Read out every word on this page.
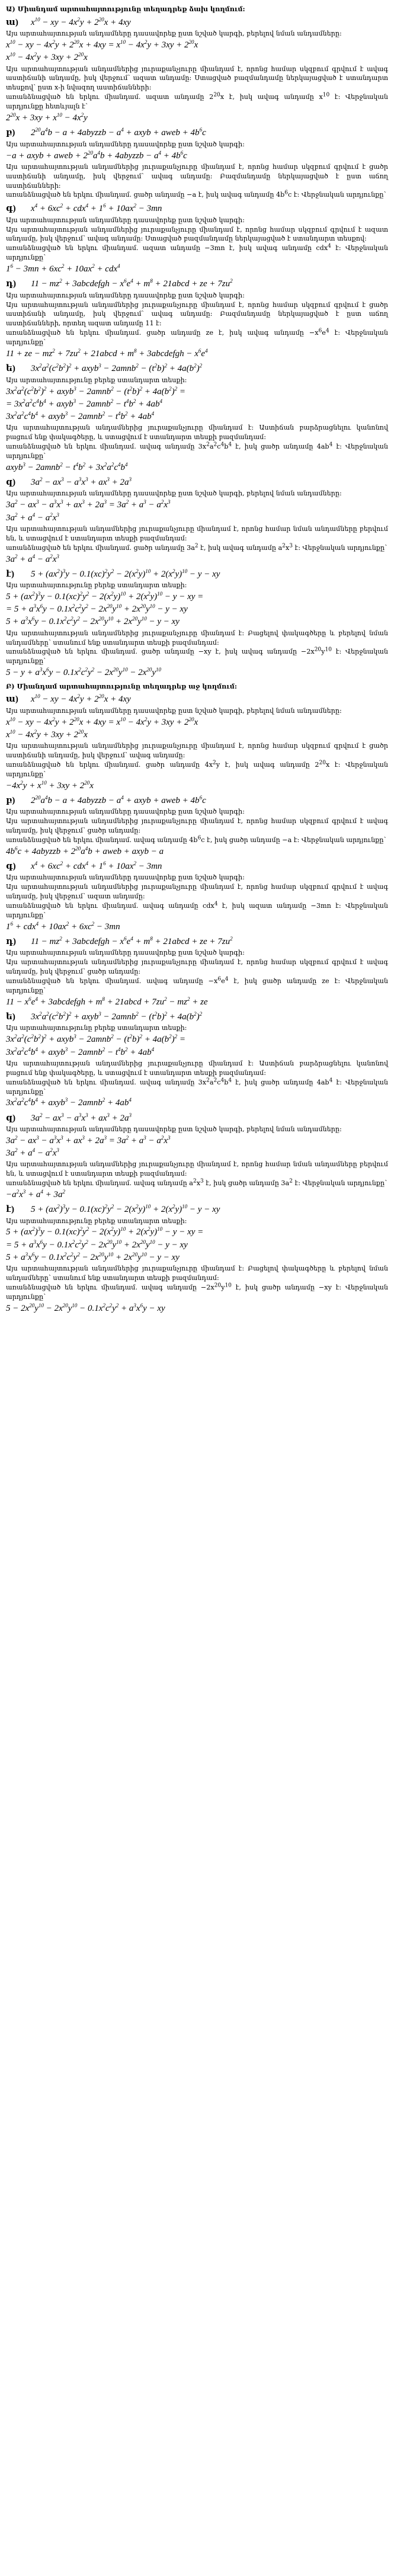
Ա) Միանդամ արտահայտությունը տեղադրեք ձախ կողմում:
ա) $x^{10}$ − xy − $4x^2y + 2^{20}x + 4xy$
Այս արտահայտության անդամները դասավորեք ըստ նշված կարգի, բերելով նման անդամները:
$x^{10}$ − xy − $4x^2y + 2^{20}x + 4xy = x^{10} - 4x^2y + 3xy + 2^{20}x$
$x^{10} - 4x^2y + 3xy + 2^{20}x$
Այս արտահայտության անդամներից յուրաքանչյուրը միանդամ է, որոնց համար սկզբում գրվում է ավագ աստիճանի անդամը, իսկ վերջում՝ ազատ անդամը: Ստացված բազմանդամը ներկայացված է ստանդարտ տեսքով՝ ըստ x-ի նվազող աստիճանների:
առանձնացված են երկու միանդամ. ազատ անդամը $2^{20}x$ է, իսկ ավագ անդամը $x^{10}$ է: Վերջնական արդյունքը հետևյալն է՝
$2^{20}x + 3xy + x^{10} - 4x^2y$
բ) $2^{20}a^4b - a$ + 4abyzzb − $a^4$ + axyb + aweb + $4b^6c$
Այս արտահայտության անդամները դասավորեք ըստ նշված կարգի:
−a + axyb + aweb + $2^{20}a^4b$ + 4abyzzb − $a^4 + 4b^6c$
Այս արտահայտության անդամներից յուրաքանչյուրը միանդամ է, որոնց համար սկզբում գրվում է ցածր աստիճանի անդամը, իսկ վերջում՝ ավագ անդամը: Բազմանդամը ներկայացված է ըստ աճող աստիճանների:
առանձնացված են երկու միանդամ. ցածր անդամը −a է, իսկ ավագ անդամը $4b^6c$ է: Վերջնական արդյունքը՝
գ) $x^4 + 6xc^2 + cdx^4 + 1^6 + 10ax^2 - 3mn$
Այս արտահայտության անդամները դասավորեք ըստ նշված կարգի:
Այս արտահայտության անդամներից յուրաքանչյուրը միանդամ է, որոնց համար սկզբում գրվում է ազատ անդամը, իսկ վերջում՝ ավագ անդամը: Ստացված բազմանդամը ներկայացված է ստանդարտ տեսքով:
առանձնացված են երկու միանդամ. ազատ անդամը −3mn է, իսկ ավագ անդամը cdx$^4$ է: Վերջնական արդյունքը՝
$1^6 - 3mn + 6xc^2 + 10ax^2 + cdx^4$
դ) $11 - mz^2$ + 3abcdefgh − $x^6e^4 + m^8$ + 21abcd + ze + $7zu^2$
Այս արտահայտության անդամները դասավորեք ըստ նշված կարգի:
Այս արտահայտության անդամներից յուրաքանչյուրը միանդամ է, որոնց համար սկզբում գրվում է ցածր աստիճանի անդամը, իսկ վերջում՝ ավագ անդամը: Բազմանդամը ներկայացված է ըստ աճող աստիճանների, որտեղ ազատ անդամը 11 է:
առանձնացված են երկու միանդամ. ցածր անդամը ze է, իսկ ավագ անդամը $-x^6e^4$ է: Վերջնական արդյունքը՝
11 + ze − $mz^2 + 7zu^2$ + 21abcd + $m^8$ + 3abcdefgh − $x^6e^4$
ե) $3x^2a^2(c^2b^2)^2$ + axyb$^3$ − 2amnb$^2$ − $(t^2b)^2 + 4a(b^2)^2$
Այս արտահայտությունը բերեք ստանդարտ տեսքի:
$3x^2a^2(c^2b^2)^2$ + axyb$^3$ − 2amnb$^2$ − $(t^2b)^2 + 4a(b^2)^2$ =
= $3x^2a^2c^4b^4$ + axyb$^3$ − 2amnb$^2$ − $t^4b^2 + 4ab^4$
$3x^2a^2c^4b^4$ + axyb$^3$ − 2amnb$^2$ − $t^4b^2 + 4ab^4$
Այս արտահայտության անդամներից յուրաքանչյուրը միանդամ է: Աստիճան բարձրացնելու կանոնով բացում ենք փակագծերը, և ստացվում է ստանդարտ տեսքի բազմանդամ:
առանձնացված են երկու միանդամ. ավագ անդամը $3x^2a^2c^4b^4$ է, իսկ ցածր անդամը $4ab^4$ է: Վերջնական արդյունքը՝
axyb$^3$ − 2amnb$^2$ − $t^4b^2 + 3x^2a^2c^4b^4$
զ) $3a^2 - ax^3 - a^3x^3 + ax^3 + 2a^3$
Այս արտահայտության անդամները դասավորեք ըստ նշված կարգի, բերելով նման անդամները:
$3a^2 - ax^3 - a^3x^3 + ax^3 + 2a^3 = 3a^2 + a^3 - a^2x^3$
$3a^2 + a^4 - a^2x^3$
Այս արտահայտության անդամներից յուրաքանչյուրը միանդամ է, որոնց համար նման անդամները բերվում են, և ստացվում է ստանդարտ տեսքի բազմանդամ:
առանձնացված են երկու միանդամ. ցածր անդամը $3a^2$ է, իսկ ավագ անդամը $a^2x^3$ է: Վերջնական արդյունքը՝
$3a^2 + a^4 - a^2x^3$
է) $5 + (ax^2)^3y - 0.1(xc)^2y^2 - 2(x^2y)^{10} + 2(x^2y)^{10} - y$ − xy
Այս արտահայտությունը բերեք ստանդարտ տեսքի:
$5 + (ax^2)^3y - 0.1(xc)^2y^2 - 2(x^2y)^{10} + 2(x^2y)^{10} - y$ − xy =
= $5 + a^3x^6y - 0.1x^2c^2y^2 - 2x^{20}y^{10} + 2x^{20}y^{10} - y$ − xy
$5 + a^3x^6y - 0.1x^2c^2y^2 - 2x^{20}y^{10} + 2x^{20}y^{10} - y$ − xy
Այս արտահայտության անդամներից յուրաքանչյուրը միանդամ է: Բացելով փակագծերը և բերելով նման անդամները՝ ստանում ենք ստանդարտ տեսքի բազմանդամ:
առանձնացված են երկու միանդամ. ցածր անդամը −xy է, իսկ ավագ անդամը $-2x^{20}y^{10}$ է: Վերջնական արդյունքը՝
$5 - y + a^3x^6y - 0.1x^2c^2y^2 - 2x^{20}y^{10} - 2x^{20}y^{10}$
Բ) Միանդամ արտահայտությունը տեղադրեք աջ կողմում:
ա) $x^{10}$ − xy − $4x^2y + 2^{20}x + 4xy$
Այս արտահայտության անդամները դասավորեք ըստ նշված կարգի, բերելով նման անդամները:
$x^{10}$ − xy − $4x^2y + 2^{20}x + 4xy = x^{10} - 4x^2y + 3xy + 2^{20}x$
$x^{10} - 4x^2y + 3xy + 2^{20}x$
Այս արտահայտության անդամներից յուրաքանչյուրը միանդամ է, որոնց համար սկզբում գրվում է ցածր աստիճանի անդամը, իսկ վերջում՝ ավագ անդամը:
առանձնացված են երկու միանդամ. ցածր անդամը $4x^2y$ է, իսկ ավագ անդամը $2^{20}x$ է: Վերջնական արդյունքը՝
$-4x^2y + x^{10} + 3xy + 2^{20}x$
բ) $2^{20}a^4b - a$ + 4abyzzb − $a^4$ + axyb + aweb + $4b^6c$
Այս արտահայտության անդամները դասավորեք ըստ նշված կարգի:
Այս արտահայտության անդամներից յուրաքանչյուրը միանդամ է, որոնց համար սկզբում գրվում է ավագ անդամը, իսկ վերջում՝ ցածր անդամը:
առանձնացված են երկու միանդամ. ավագ անդամը $4b^6c$ է, իսկ ցածր անդամը −a է: Վերջնական արդյունքը՝
$4b^6c$ + 4abyzzb + $2^{20}a^4b$ + aweb + axyb − a
գ) $x^4 + 6xc^2 + cdx^4 + 1^6 + 10ax^2 - 3mn$
Այս արտահայտության անդամները դասավորեք ըստ նշված կարգի:
Այս արտահայտության անդամներից յուրաքանչյուրը միանդամ է, որոնց համար սկզբում գրվում է ավագ անդամը, իսկ վերջում՝ ազատ անդամը:
առանձնացված են երկու միանդամ. ավագ անդամը cdx$^4$ է, իսկ ազատ անդամը −3mn է: Վերջնական արդյունքը՝
$1^6 + cdx^4 + 10ax^2 + 6xc^2 - 3mn$
դ) $11 - mz^2$ + 3abcdefgh − $x^6e^4 + m^8$ + 21abcd + ze + $7zu^2$
Այս արտահայտության անդամները դասավորեք ըստ նշված կարգի:
Այս արտահայտության անդամներից յուրաքանչյուրը միանդամ է, որոնց համար սկզբում գրվում է ավագ անդամը, իսկ վերջում՝ ցածր անդամը:
առանձնացված են երկու միանդամ. ավագ անդամը $-x^6e^4$ է, իսկ ցածր անդամը ze է: Վերջնական արդյունքը՝
$11 - x^6e^4$ + 3abcdefgh + $m^8$ + 21abcd + $7zu^2 - mz^2$ + ze
ե) $3x^2a^2(c^2b^2)^2$ + axyb$^3$ − 2amnb$^2$ − $(t^2b)^2 + 4a(b^2)^2$
Այս արտահայտությունը բերեք ստանդարտ տեսքի:
$3x^2a^2(c^2b^2)^2$ + axyb$^3$ − 2amnb$^2$ − $(t^2b)^2 + 4a(b^2)^2$ =
$3x^2a^2c^4b^4$ + axyb$^3$ − 2amnb$^2$ − $t^4b^2 + 4ab^4$
Այս արտահայտության անդամներից յուրաքանչյուրը միանդամ է: Աստիճան բարձրացնելու կանոնով բացում ենք փակագծերը, և ստացվում է ստանդարտ տեսքի բազմանդամ:
առանձնացված են երկու միանդամ. ավագ անդամը $3x^2a^2c^4b^4$ է, իսկ ցածր անդամը $4ab^4$ է: Վերջնական արդյունքը՝
$3x^2a^2c^4b^4$ + axyb$^3$ − 2amnb$^2$ + $4ab^4$
զ) $3a^2 - ax^3 - a^3x^3 + ax^3 + 2a^3$
Այս արտահայտության անդամները դասավորեք ըստ նշված կարգի, բերելով նման անդամները:
$3a^2 - ax^3 - a^3x^3 + ax^3 + 2a^3 = 3a^2 + a^3 - a^2x^3$
$3a^2 + a^4 - a^2x^3$
Այս արտահայտության անդամներից յուրաքանչյուրը միանդամ է, որոնց համար նման անդամները բերվում են, և ստացվում է ստանդարտ տեսքի բազմանդամ:
առանձնացված են երկու միանդամ. ավագ անդամը $a^2x^3$ է, իսկ ցածր անդամը $3a^2$ է: Վերջնական արդյունքը՝
$-a^2x^3 + a^4 + 3a^2$
է) $5 + (ax^2)^3y - 0.1(xc)^2y^2 - 2(x^2y)^{10} + 2(x^2y)^{10} - y$ − xy
Այս արտահայտությունը բերեք ստանդարտ տեսքի:
$5 + (ax^2)^3y - 0.1(xc)^2y^2 - 2(x^2y)^{10} + 2(x^2y)^{10} - y$ − xy =
= $5 + a^3x^6y - 0.1x^2c^2y^2 - 2x^{20}y^{10} + 2x^{20}y^{10} - y$ − xy
$5 + a^3x^6y - 0.1x^2c^2y^2 - 2x^{20}y^{10} + 2x^{20}y^{10} - y$ − xy
Այս արտահայտության անդամներից յուրաքանչյուրը միանդամ է: Բացելով փակագծերը և բերելով նման անդամները՝ ստանում ենք ստանդարտ տեսքի բազմանդամ:
առանձնացված են երկու միանդամ. ավագ անդամը $-2x^{20}y^{10}$ է, իսկ ցածր անդամը −xy է: Վերջնական արդյունքը՝
$5 - 2x^{20}y^{10} - 2x^{20}y^{10} - 0.1x^2c^2y^2 + a^3x^6y$ − xy
